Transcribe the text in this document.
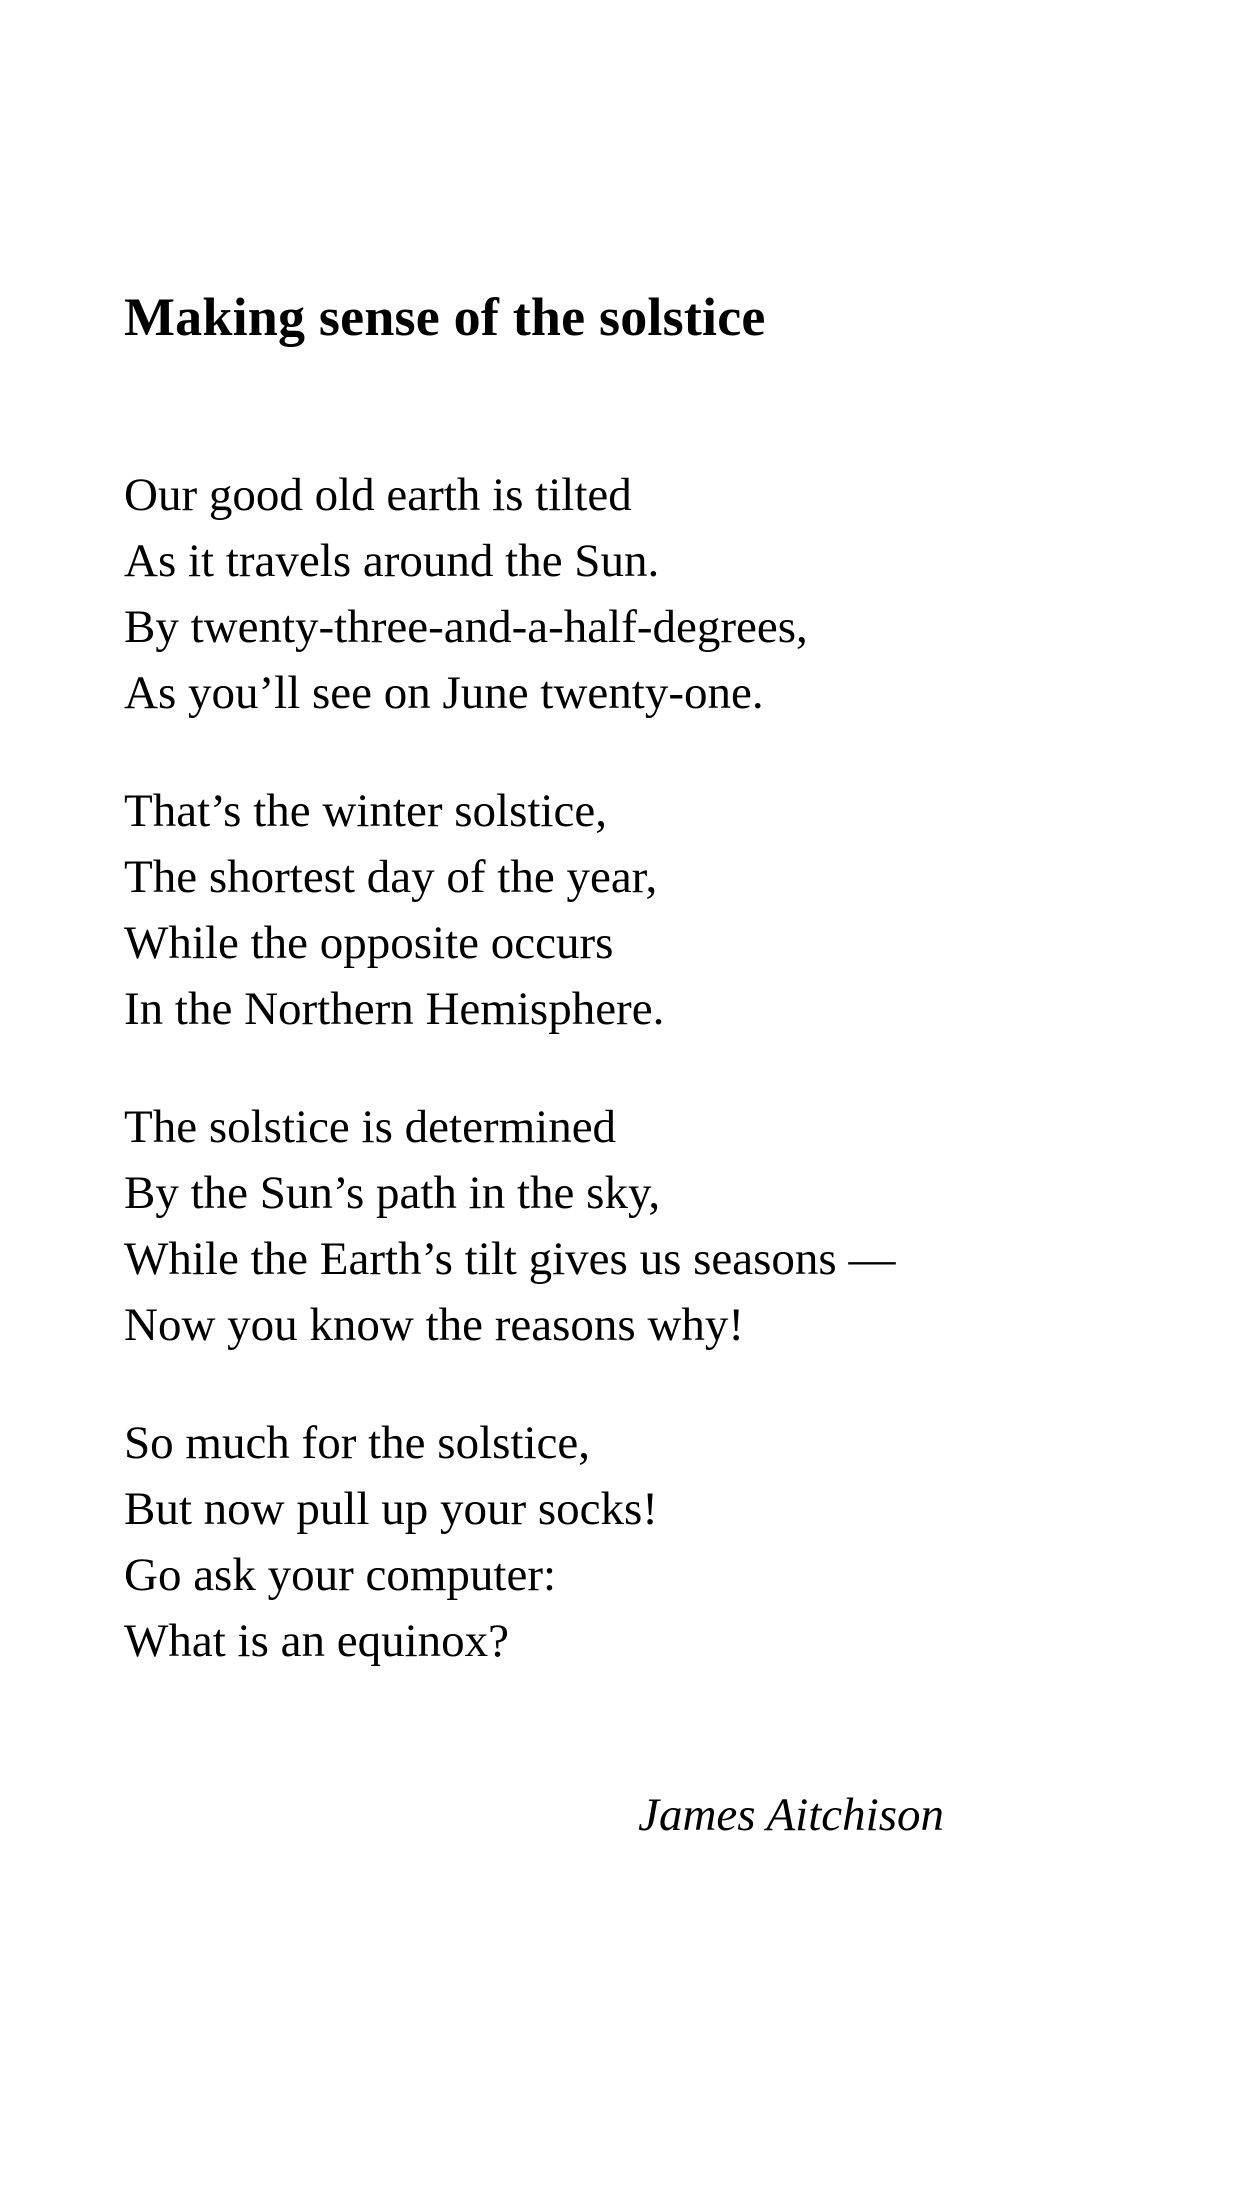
Making sense of the solstice
Our good old earth is tilted
As it travels around the Sun.
By twenty-three-and-a-half-degrees,
As you’ll see on June twenty-one.
That’s the winter solstice,
The shortest day of the year,
While the opposite occurs
In the Northern Hemisphere.
The solstice is determined
By the Sun’s path in the sky,
While the Earth’s tilt gives us seasons —
Now you know the reasons why!
So much for the solstice,
But now pull up your socks!
Go ask your computer:
What is an equinox?
James Aitchison
